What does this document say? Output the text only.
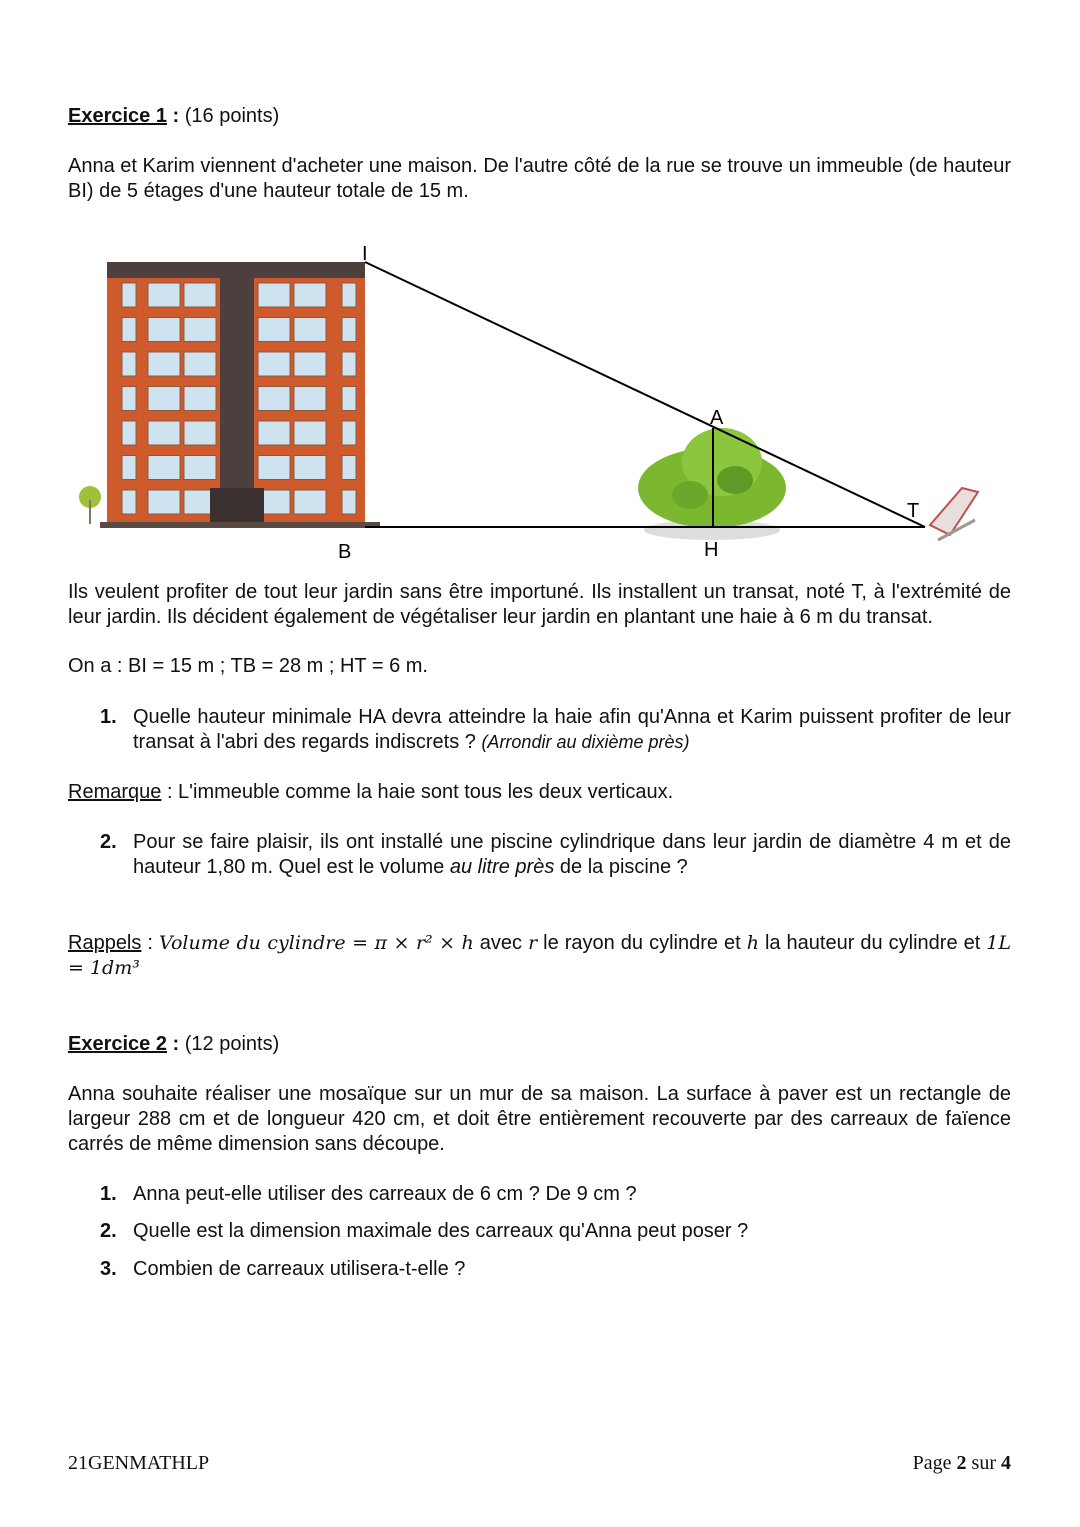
Exercice 1 : (16 points)
Anna et Karim viennent d'acheter une maison. De l'autre côté de la rue se trouve un immeuble (de hauteur BI) de 5 étages d'une hauteur totale de 15 m.
I
A
T
B	H
Ils veulent profiter de tout leur jardin sans être importuné. Ils installent un transat, noté T, à l'extrémité de leur jardin. Ils décident également de végétaliser leur jardin en plantant une haie à 6 m du transat.
On a : BI = 15 m ; TB = 28 m ; HT = 6 m.
1. Quelle hauteur minimale HA devra atteindre la haie afin qu'Anna et Karim puissent profiter de leur transat à l'abri des regards indiscrets ? (Arrondir au dixième près)
Remarque : L'immeuble comme la haie sont tous les deux verticaux.
2. Pour se faire plaisir, ils ont installé une piscine cylindrique dans leur jardin de diamètre 4 m et de hauteur 1,80 m. Quel est le volume au litre près de la piscine ?
Rappels : Volume du cylindre = π × r² × h avec r le rayon du cylindre et h la hauteur du cylindre et 1L = 1dm³
Exercice 2 : (12 points)
Anna souhaite réaliser une mosaïque sur un mur de sa maison. La surface à paver est un rectangle de largeur 288 cm et de longueur 420 cm, et doit être entièrement recouverte par des carreaux de faïence carrés de même dimension sans découpe.
1. Anna peut-elle utiliser des carreaux de 6 cm ? De 9 cm ?
2. Quelle est la dimension maximale des carreaux qu'Anna peut poser ?
3. Combien de carreaux utilisera-t-elle ?
21GENMATHLP	Page 2 sur 4
